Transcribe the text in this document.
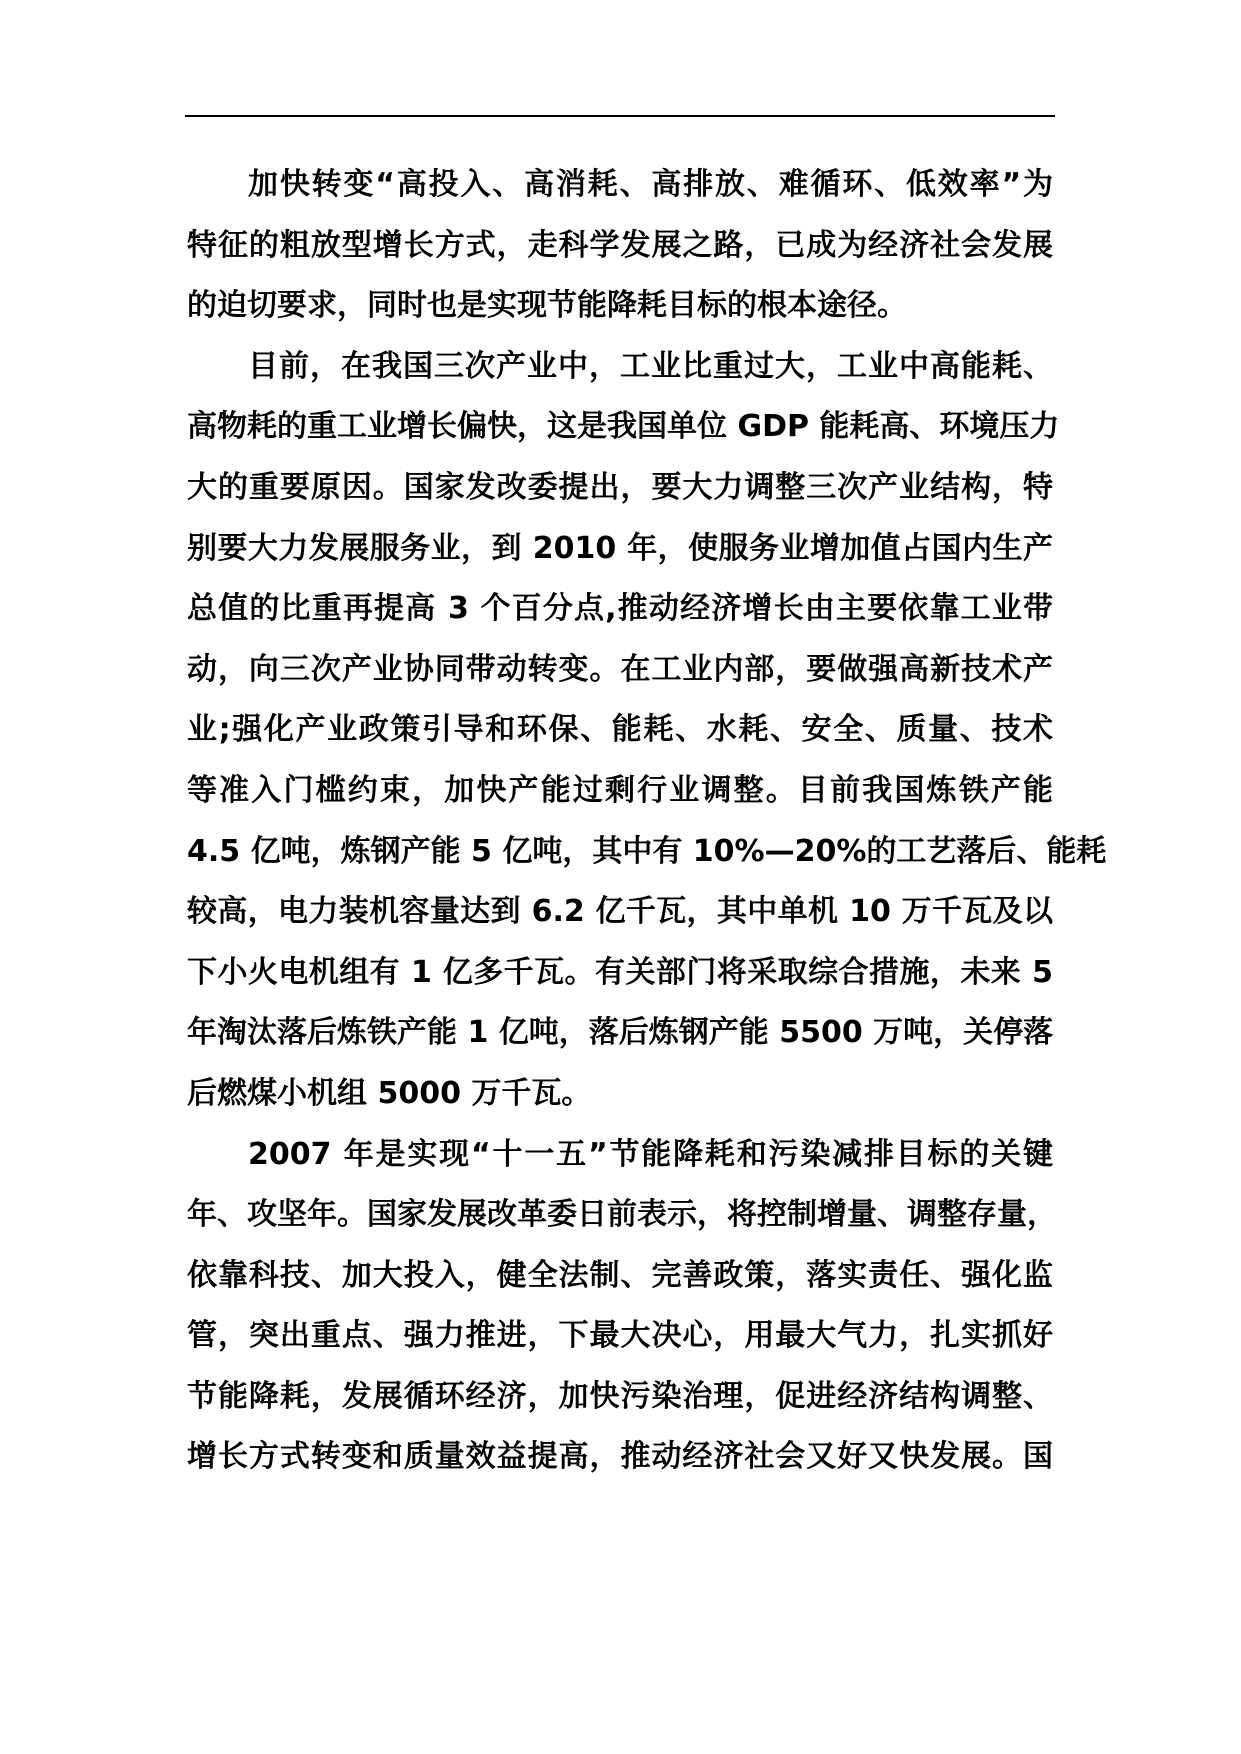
加快转变“高投入、高消耗、高排放、难循环、低效率”为
特征的粗放型增长方式，走科学发展之路，已成为经济社会发展
的迫切要求，同时也是实现节能降耗目标的根本途径。
目前，在我国三次产业中，工业比重过大，工业中高能耗、
高物耗的重工业增长偏快，这是我国单位 GDP 能耗高、环境压力
大的重要原因。国家发改委提出，要大力调整三次产业结构，特
别要大力发展服务业，到 2010 年，使服务业增加值占国内生产
总值的比重再提高 3 个百分点,推动经济增长由主要依靠工业带
动，向三次产业协同带动转变。在工业内部，要做强高新技术产
业;强化产业政策引导和环保、能耗、水耗、安全、质量、技术
等准入门槛约束，加快产能过剩行业调整。目前我国炼铁产能
4.5 亿吨，炼钢产能 5 亿吨，其中有 10%—20%的工艺落后、能耗
较高，电力装机容量达到 6.2 亿千瓦，其中单机 10 万千瓦及以
下小火电机组有 1 亿多千瓦。有关部门将采取综合措施，未来 5
年淘汰落后炼铁产能 1 亿吨，落后炼钢产能 5500 万吨，关停落
后燃煤小机组 5000 万千瓦。
2007 年是实现“十一五”节能降耗和污染减排目标的关键
年、攻坚年。国家发展改革委日前表示，将控制增量、调整存量，
依靠科技、加大投入，健全法制、完善政策，落实责任、强化监
管，突出重点、强力推进，下最大决心，用最大气力，扎实抓好
节能降耗，发展循环经济，加快污染治理，促进经济结构调整、
增长方式转变和质量效益提高，推动经济社会又好又快发展。国
